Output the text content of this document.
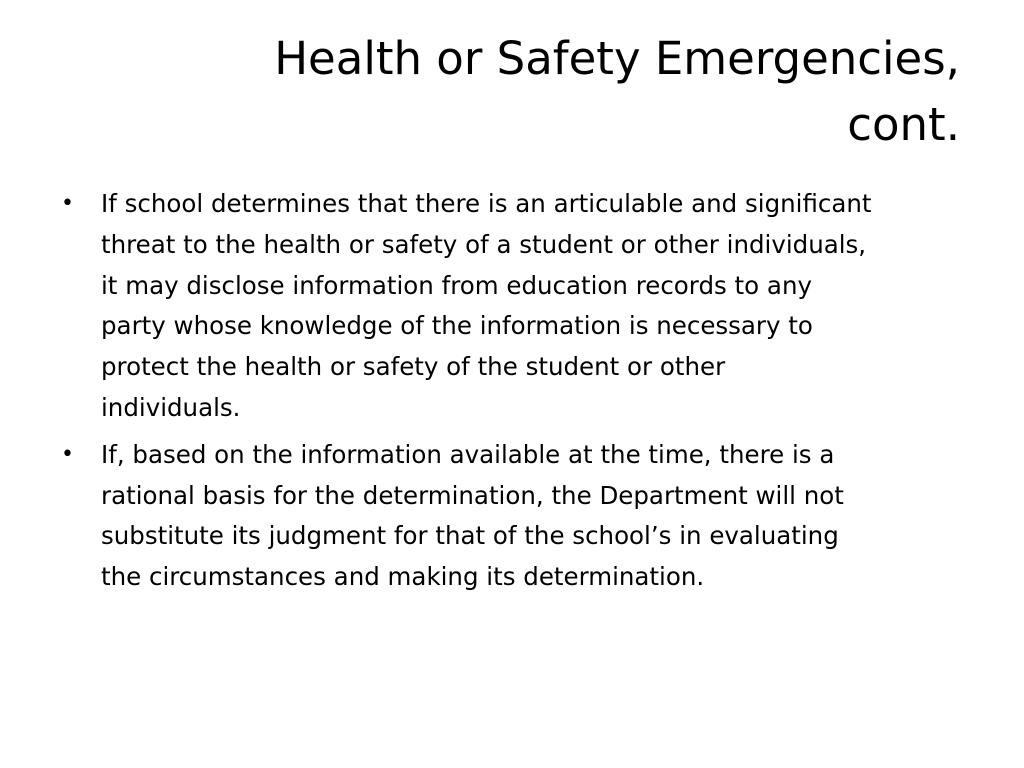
Health or Safety Emergencies,
cont.
• If school determines that there is an articulable and significant
threat to the health or safety of a student or other individuals,
it may disclose information from education records to any
party whose knowledge of the information is necessary to
protect the health or safety of the student or other
individuals.
• If, based on the information available at the time, there is a
rational basis for the determination, the Department will not
substitute its judgment for that of the school’s in evaluating
the circumstances and making its determination.
